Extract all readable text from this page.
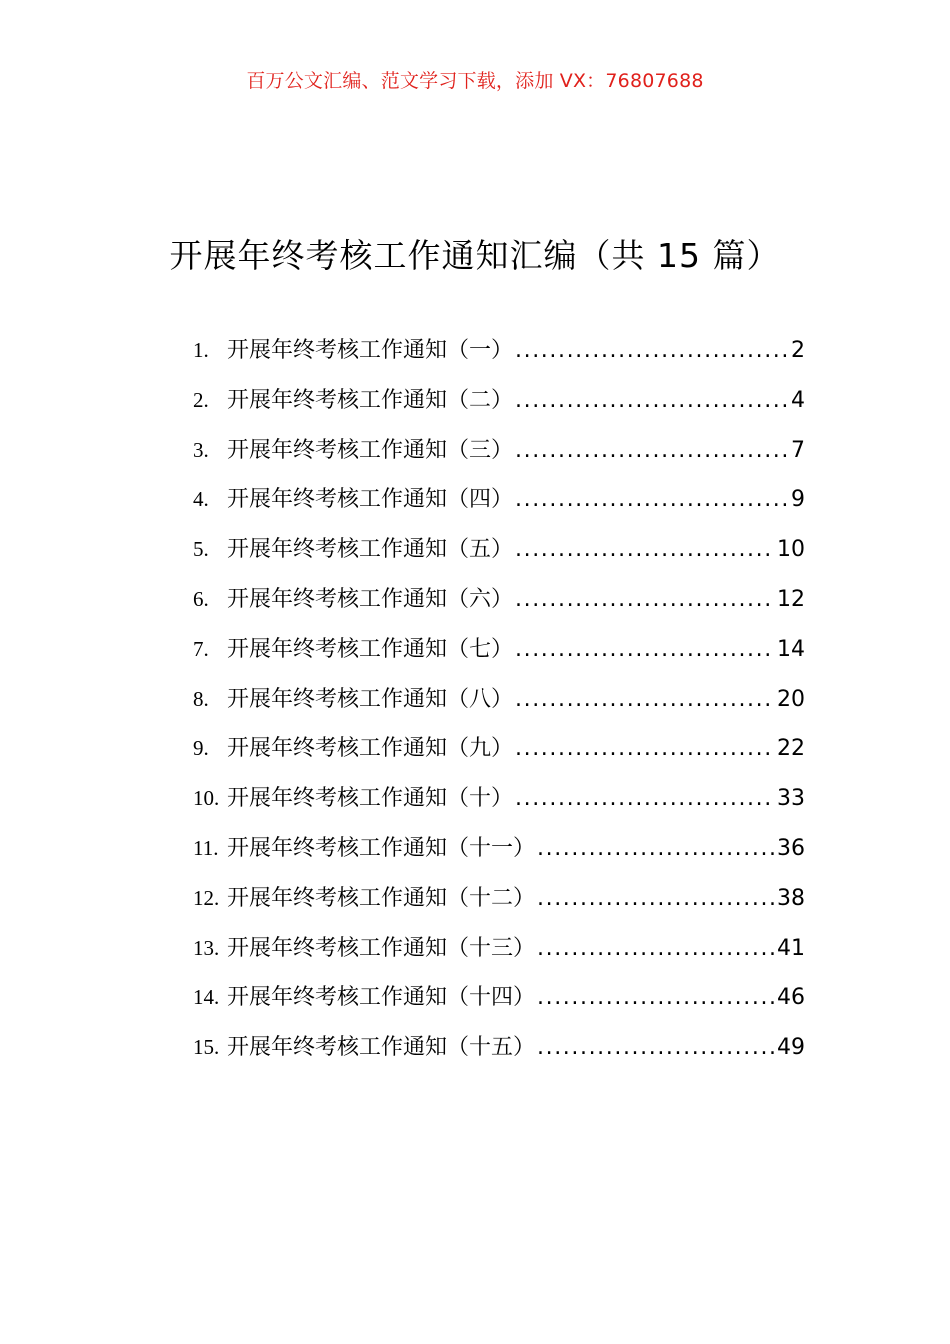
百万公文汇编、范文学习下载，添加 VX：76807688
开展年终考核工作通知汇编（共 15 篇）
1. 开展年终考核工作通知（一） .....	2
2. 开展年终考核工作通知（二） .....	4
3. 开展年终考核工作通知（三） .....	7
4. 开展年终考核工作通知（四） .....	9
5. 开展年终考核工作通知（五） .....	10
6. 开展年终考核工作通知（六） .....	12
7. 开展年终考核工作通知（七） .....	14
8. 开展年终考核工作通知（八） .....	20
9. 开展年终考核工作通知（九） .....	22
10. 开展年终考核工作通知（十） .....	33
11. 开展年终考核工作通知（十一） .....	36
12. 开展年终考核工作通知（十二） .....	38
13. 开展年终考核工作通知（十三） .....	41
14. 开展年终考核工作通知（十四） .....	46
15. 开展年终考核工作通知（十五） .....	49
